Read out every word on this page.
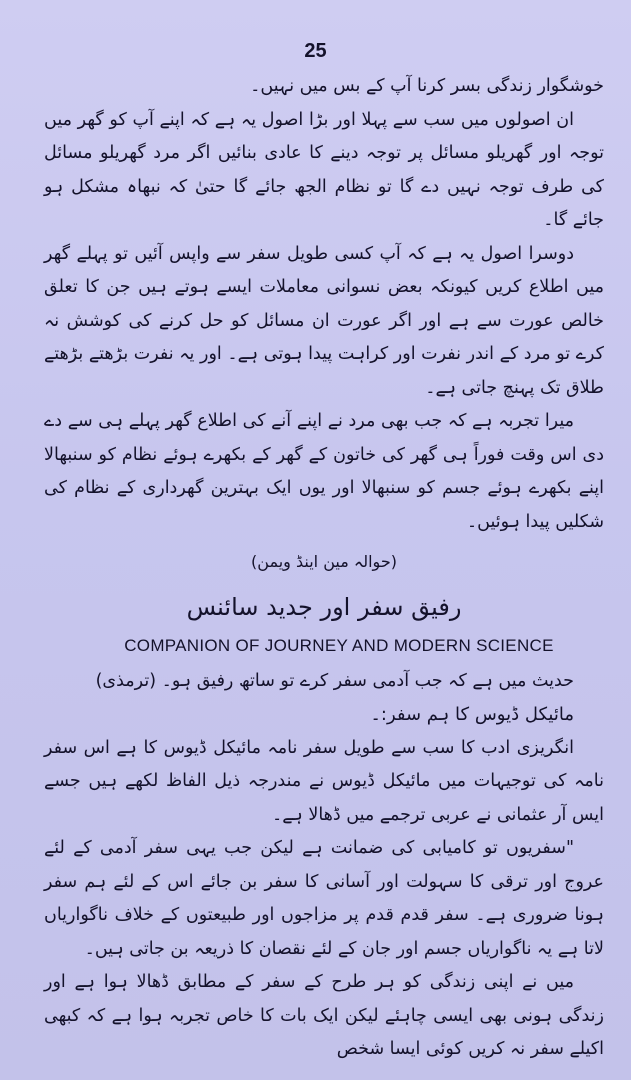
25

خوشگوار زندگی بسر کرنا آپ کے بس میں نہیں۔

ان اصولوں میں سب سے پہلا اور بڑا اصول یہ ہے کہ اپنے آپ کو گھر میں توجہ اور گھریلو مسائل پر توجہ دینے کا عادی بنائیں اگر مرد گھریلو مسائل کی طرف توجہ نہیں دے گا تو نظام الجھ جائے گا حتیٰ کہ نبھاہ مشکل ہو جائے گا۔

دوسرا اصول یہ ہے کہ آپ کسی طویل سفر سے واپس آئیں تو پہلے گھر میں اطلاع کریں کیونکہ بعض نسوانی معاملات ایسے ہوتے ہیں جن کا تعلق خالص عورت سے ہے اور اگر عورت ان مسائل کو حل کرنے کی کوشش نہ کرے تو مرد کے اندر نفرت اور کراہت پیدا ہوتی ہے۔ اور یہ نفرت بڑھتے بڑھتے طلاق تک پہنچ جاتی ہے۔

میرا تجربہ ہے کہ جب بھی مرد نے اپنے آنے کی اطلاع گھر پہلے ہی سے دے دی اس وقت فوراً ہی گھر کی خاتون کے گھر کے بکھرے ہوئے نظام کو سنبھالا اپنے بکھرے ہوئے جسم کو سنبھالا اور یوں ایک بہترین گھرداری کے نظام کی شکلیں پیدا ہوئیں۔

(حوالہ مین اینڈ ویمن)

رفیق سفر اور جدید سائنس

COMPANION OF JOURNEY AND MODERN SCIENCE

حدیث میں ہے کہ جب آدمی سفر کرے تو ساتھ رفیق ہو۔ (ترمذی)

مائیکل ڈیوس کا ہم سفر:۔

انگریزی ادب کا سب سے طویل سفر نامہ مائیکل ڈیوس کا ہے اس سفر نامہ کی توجیہات میں مائیکل ڈیوس نے مندرجہ ذیل الفاظ لکھے ہیں جسے ایس آر عثمانی نے عربی ترجمے میں ڈھالا ہے۔

"سفریوں تو کامیابی کی ضمانت ہے لیکن جب یہی سفر آدمی کے لئے عروج اور ترقی کا سہولت اور آسانی کا سفر بن جائے اس کے لئے ہم سفر ہونا ضروری ہے۔ سفر قدم قدم پر مزاجوں اور طبیعتوں کے خلاف ناگواریاں لاتا ہے یہ ناگواریاں جسم اور جان کے لئے نقصان کا ذریعہ بن جاتی ہیں۔

میں نے اپنی زندگی کو ہر طرح کے سفر کے مطابق ڈھالا ہوا ہے اور زندگی ہونی بھی ایسی چاہئے لیکن ایک بات کا خاص تجربہ ہوا ہے کہ کبھی اکیلے سفر نہ کریں کوئی ایسا شخص
